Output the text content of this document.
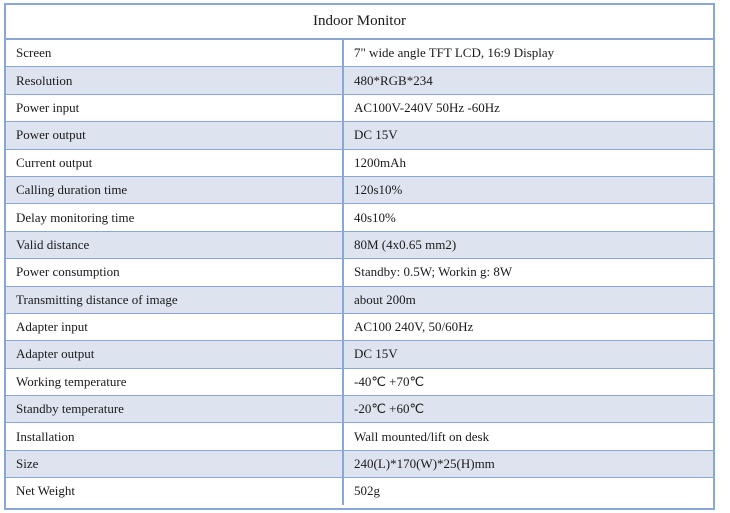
Indoor Monitor
Screen	7" wide angle TFT LCD, 16:9 Display
Resolution	480*RGB*234
Power input	AC100V-240V 50Hz -60Hz
Power output	DC 15V
Current output	1200mAh
Calling duration time	120s10%
Delay monitoring time	40s10%
Valid distance	80M (4x0.65 mm2)
Power consumption	Standby: 0.5W; Workin g: 8W
Transmitting distance of image	about 200m
Adapter input	AC100 240V, 50/60Hz
Adapter output	DC 15V
Working temperature	-40℃ +70℃
Standby temperature	-20℃ +60℃
Installation	Wall mounted/lift on desk
Size	240(L)*170(W)*25(H)mm
Net Weight	502g
